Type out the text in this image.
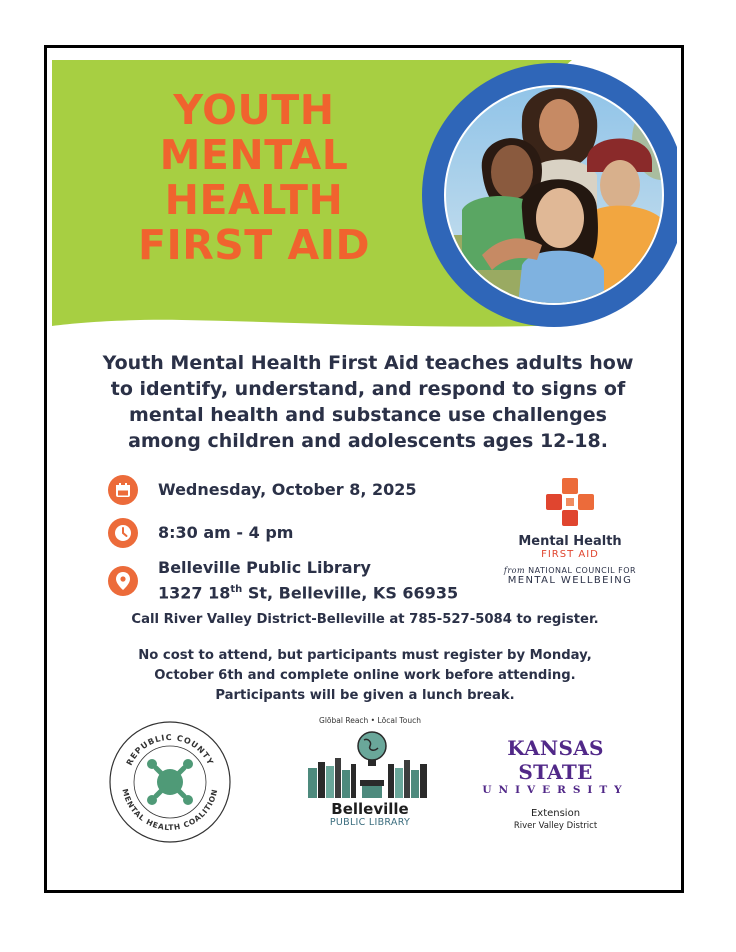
YOUTH
MENTAL
HEALTH
FIRST AID

Youth Mental Health First Aid teaches adults how to identify, understand, and respond to signs of mental health and substance use challenges among children and adolescents ages 12-18.

Wednesday, October 8, 2025
8:30 am - 4 pm
Belleville Public Library
1327 18th St, Belleville, KS 66935
Mental Health
FIRST AID
from NATIONAL COUNCIL FOR
MENTAL WELLBEING

Call River Valley District-Belleville at 785-527-5084 to register.

No cost to attend, but participants must register by Monday, October 6th and complete online work before attending. Participants will be given a lunch break.

REPUBLIC COUNTY
MENTAL HEALTH COALITION
Glōbal Reach • Lōcal Touch
Belleville
PUBLIC LIBRARY
KANSAS STATE
UNIVERSITY
Extension
River Valley District
